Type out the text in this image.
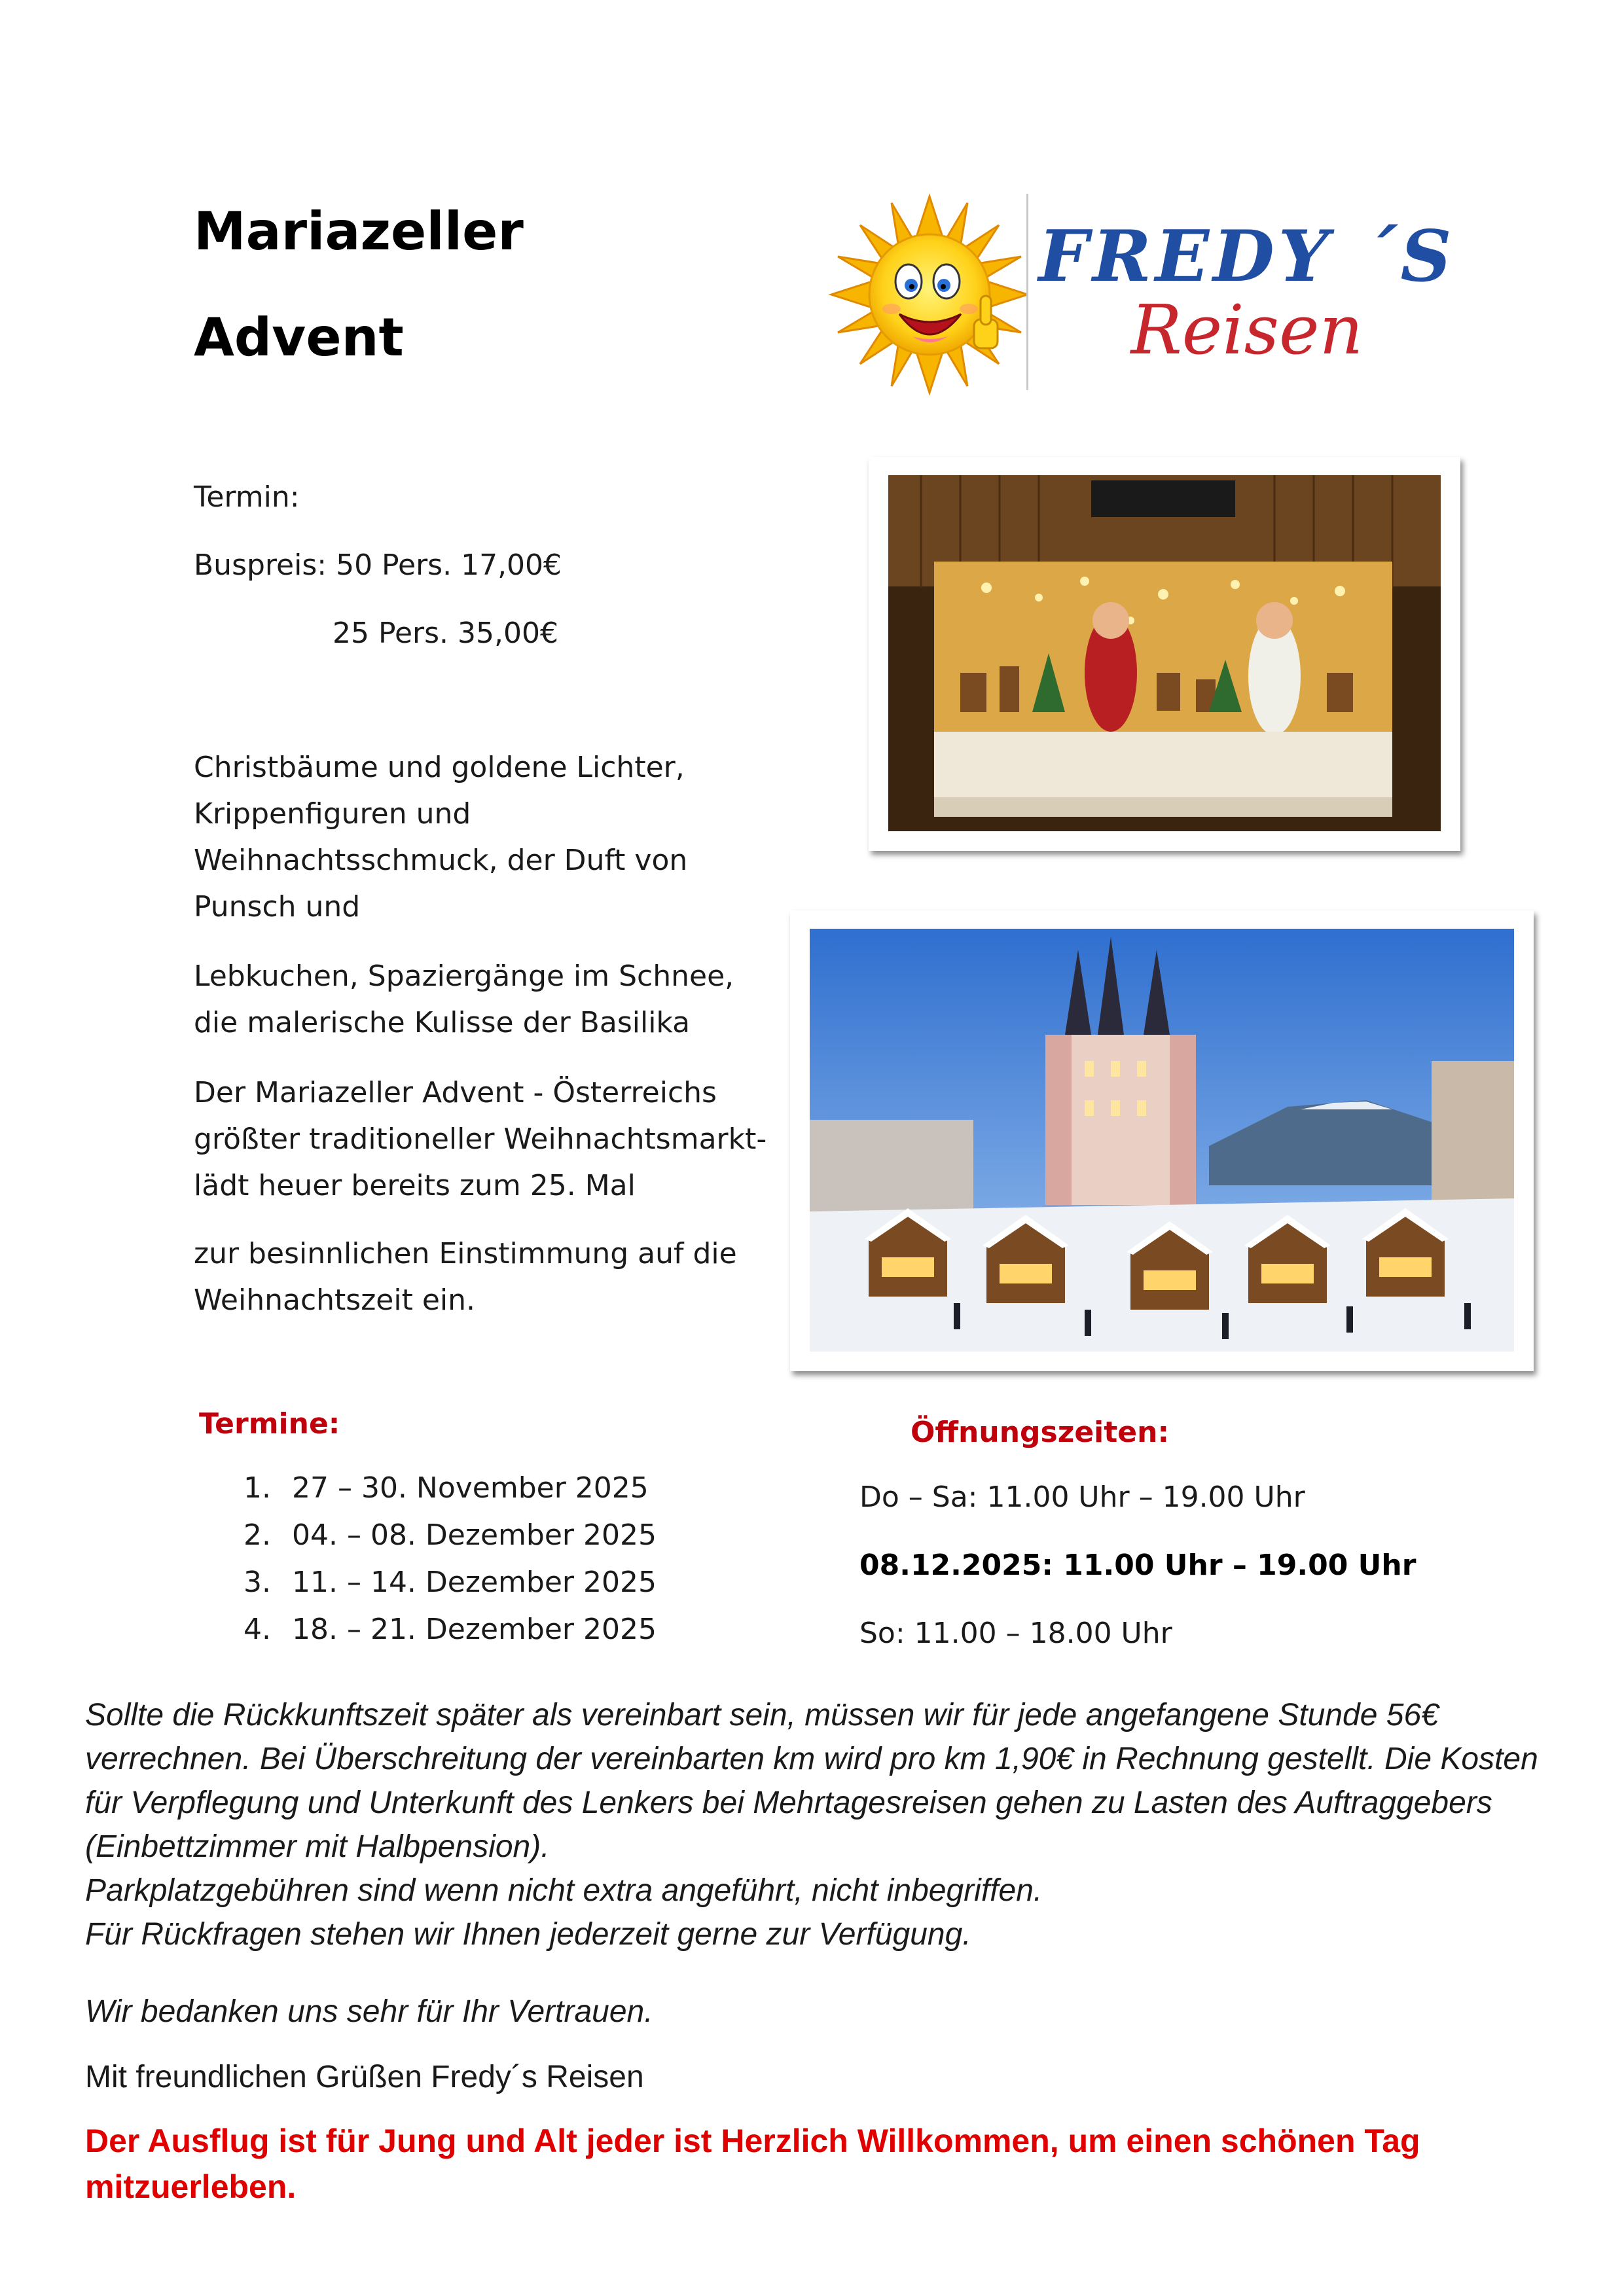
Mariazeller
Advent
FREDY ´S
Reisen
Termin:
Buspreis: 50 Pers. 17,00€
25 Pers. 35,00€
Christbäume und goldene Lichter, Krippenfiguren und Weihnachtsschmuck, der Duft von Punsch und
Lebkuchen, Spaziergänge im Schnee, die malerische Kulisse der Basilika
Der Mariazeller Advent - Österreichs größter traditioneller Weihnachtsmarkt- lädt heuer bereits zum 25. Mal
zur besinnlichen Einstimmung auf die Weihnachtszeit ein.
Termine:
1. 27 – 30. November 2025
2. 04. – 08. Dezember 2025
3. 11. – 14. Dezember 2025
4. 18. – 21. Dezember 2025
Öffnungszeiten:
Do – Sa: 11.00 Uhr – 19.00 Uhr
08.12.2025: 11.00 Uhr – 19.00 Uhr
So: 11.00 – 18.00 Uhr
Sollte die Rückkunftszeit später als vereinbart sein, müssen wir für jede angefangene Stunde 56€ verrechnen. Bei Überschreitung der vereinbarten km wird pro km 1,90€ in Rechnung gestellt. Die Kosten für Verpflegung und Unterkunft des Lenkers bei Mehrtagesreisen gehen zu Lasten des Auftraggebers (Einbettzimmer mit Halbpension).
Parkplatzgebühren sind wenn nicht extra angeführt, nicht inbegriffen.
Für Rückfragen stehen wir Ihnen jederzeit gerne zur Verfügung.
Wir bedanken uns sehr für Ihr Vertrauen.
Mit freundlichen Grüßen Fredy´s Reisen
Der Ausflug ist für Jung und Alt jeder ist Herzlich Willkommen, um einen schönen Tag mitzuerleben.
